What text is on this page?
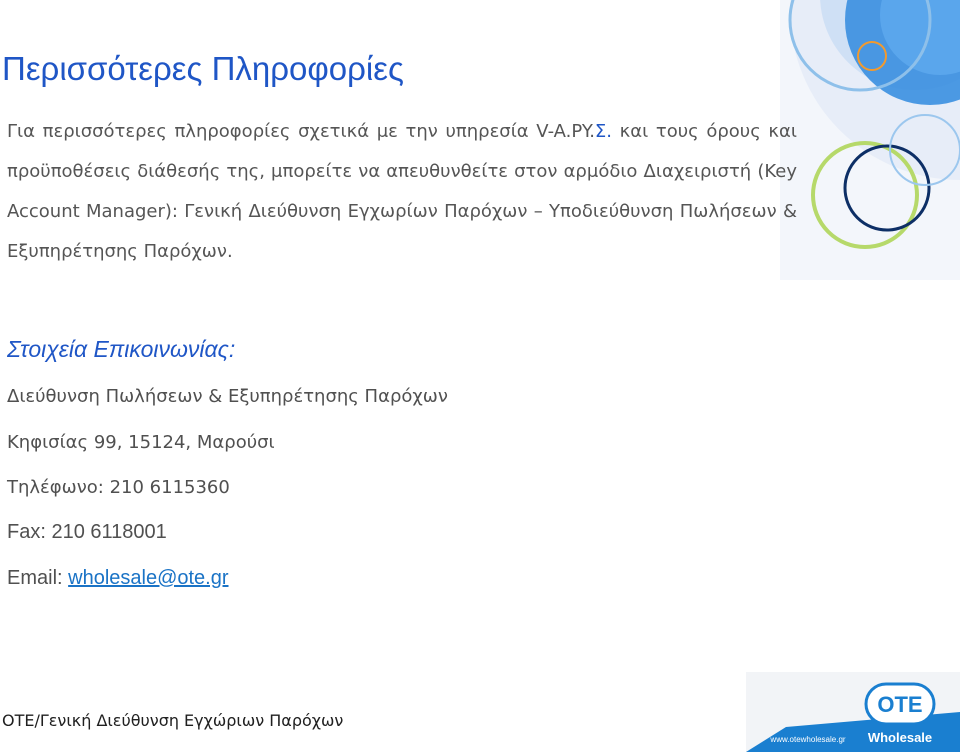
Περισσότερες Πληροφορίες
Για περισσότερες πληροφορίες σχετικά με την υπηρεσία V-A.PY.Σ. και τους όρους και προϋποθέσεις διάθεσής της, μπορείτε να απευθυνθείτε στον αρμόδιο Διαχειριστή (Key Account Manager): Γενική Διεύθυνση Εγχωρίων Παρόχων – Υποδιεύθυνση Πωλήσεων & Εξυπηρέτησης Παρόχων.
Στοιχεία Επικοινωνίας:
Διεύθυνση Πωλήσεων & Εξυπηρέτησης Παρόχων
Κηφισίας 99, 15124, Μαρούσι
Τηλέφωνο: 210 6115360
Fax: 210 6118001
Email: wholesale@ote.gr
ΟΤΕ/Γενική Διεύθυνση Εγχώριων Παρόχων
OTE
Wholesale
www.otewholesale.gr
